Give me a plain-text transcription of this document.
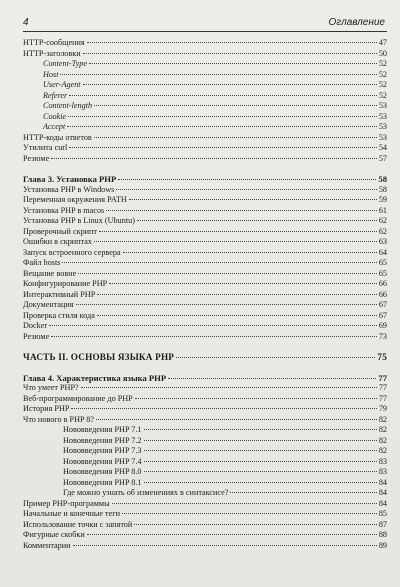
4	Оглавление
HTTP-сообщения	47
HTTP-заголовки	50
Content-Type	52
Host	52
User-Agent	52
Referer	52
Content-length	53
Cookie	53
Accept	53
HTTP-коды ответов	53
Утилита curl	54
Резюме	57
Глава 3. Установка PHP	58
Установка PHP в Windows	58
Переменная окружения PATH	59
Установка PHP в macos	61
Установка PHP в Linux (Ubuntu)	62
Проверочный скрипт	62
Ошибки в скриптах	63
Запуск встроенного сервера	64
Файл hosts	65
Вещание вовне	65
Конфигурирование PHP	66
Интерактивный PHP	66
Документация	67
Проверка стиля кода	67
Docker	69
Резюме	73
ЧАСТЬ II. ОСНОВЫ ЯЗЫКА PHP	75
Глава 4. Характеристика языка PHP	77
Что умеет PHP?	77
Веб-программирование до PHP	77
История PHP	79
Что нового в PHP 8?	82
Нововведения PHP 7.1	82
Нововведения PHP 7.2	82
Нововведения PHP 7.3	82
Нововведения PHP 7.4	83
Нововведения PHP 8.0	83
Нововведения PHP 8.1	84
Где можно узнать об изменениях в синтаксисе?	84
Пример PHP-программы	84
Начальные и конечные теги	85
Использование точки с запятой	87
Фигурные скобки	88
Комментарии	89
